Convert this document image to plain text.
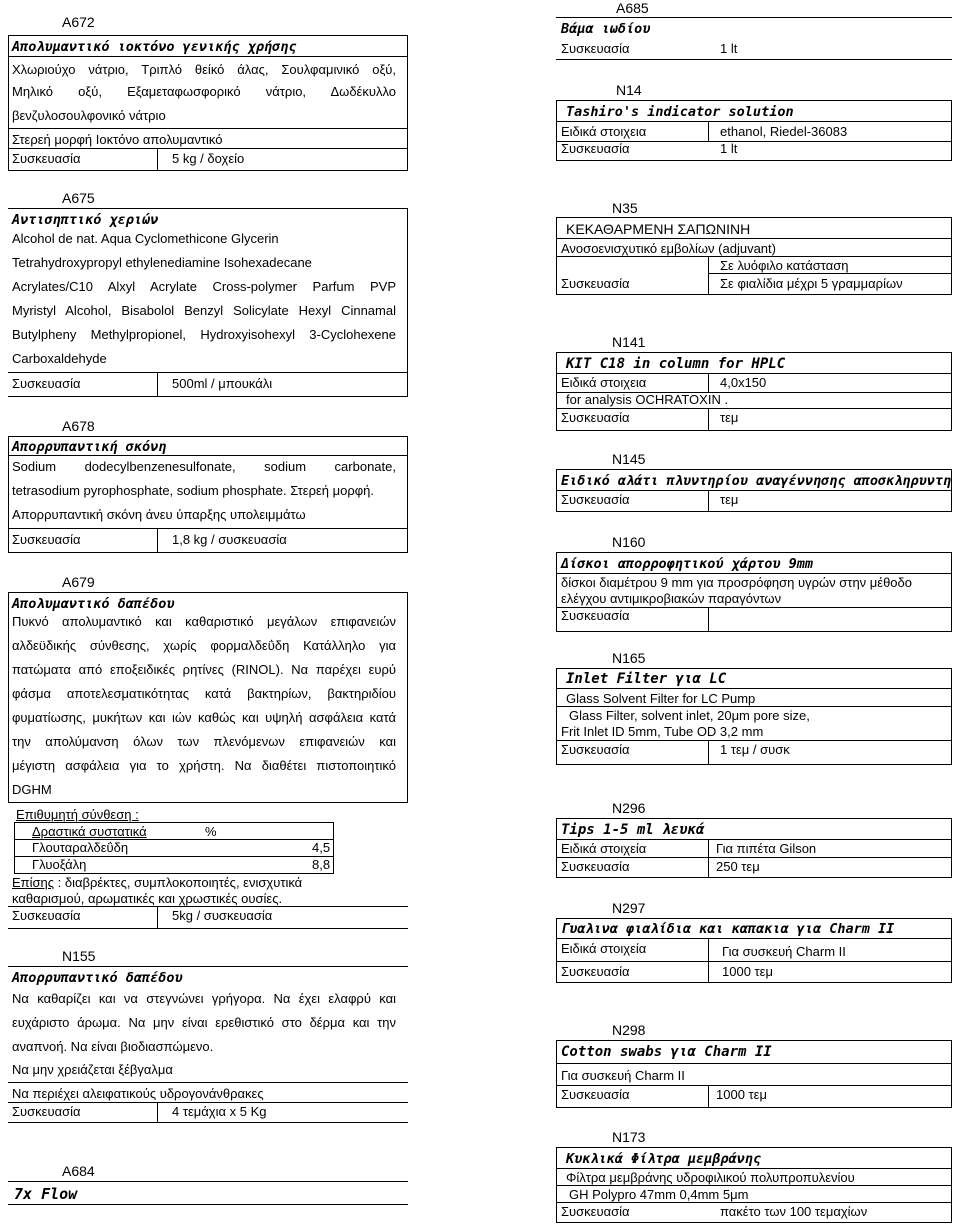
A672
Απολυμαντικό ιοκτόνο γενικής χρήσης
Χλωριούχο νάτριο, Τριπλό θείκό άλας, Σουλφαμινικό οξύ,
Μηλικό οξύ, Εξαμεταφωσφορικό νάτριο, Δωδέκυλλο
βενζυλοσουλφονικό νάτριο
Στερεή μορφή Ιοκτόνο απολυμαντικό
Συσκευασία	5 kg / δοχείο
A675
Αντισηπτικό χεριών
Alcohol de nat. Aqua Cyclomethicone Glycerin
Tetrahydroxypropyl ethylenediamine Isohexadecane
Acrylates/C10 Alxyl Acrylate Cross-polymer Parfum PVP
Myristyl Alcohol, Bisabolol Benzyl Solicylate Hexyl Cinnamal
Butylpheny Methylpropionel, Hydroxyisohexyl 3-Cyclohexene
Carboxaldehyde
Συσκευασία	500ml / μπουκάλι
A678
Απορρυπαντική σκόνη
Sodium dodecylbenzenesulfonate, sodium carbonate,
tetrasodium pyrophosphate, sodium phosphate. Στερεή μορφή.
Απορρυπαντική σκόνη άνευ ύπαρξης υπολειμμάτω
Συσκευασία	1,8 kg / συσκευασία
A679
Απολυμαντικό δαπέδου
Πυκνό απολυμαντικό και καθαριστικό μεγάλων επιφανειών
αλδεϋδικής σύνθεσης, χωρίς φορμαλδεΰδη Κατάλληλο για
πατώματα από εποξειδικές ρητίνες (RINOL). Να παρέχει ευρύ
φάσμα αποτελεσματικότητας κατά βακτηρίων, βακτηριδίου
φυματίωσης, μυκήτων και ιών καθώς και υψηλή ασφάλεια κατά
την απολύμανση όλων των πλενόμενων επιφανειών και
μέγιστη ασφάλεια για το χρήστη. Να διαθέτει πιστοποιητικό
DGHM
Επιθυμητή σύνθεση :
Δραστικά συστατικά	%
Γλουταραλδεΰδη	4,5
Γλυοξάλη	8,8
Επίσης : διαβρέκτες, συμπλοκοποιητές, ενισχυτικά
καθαρισμού, αρωματικές και χρωστικές ουσίες.
Συσκευασία	5kg / συσκευασία
N155
Απορρυπαντικό δαπέδου
Να καθαρίζει και να στεγνώνει γρήγορα. Να έχει ελαφρύ και
ευχάριστο άρωμα. Να μην είναι ερεθιστικό στο δέρμα και την
αναπνοή. Να είναι βιοδιασπώμενο.
Να μην χρειάζεται ξέβγαλμα
Να περιέχει αλειφατικούς υδρογονάνθρακες
Συσκευασία	4 τεμάχια x 5 Kg
A684
7x Flow
A685
Βάμα ιωδίου
Συσκευασία	1 lt
N14
Tashiro's indicator solution
Ειδικά στοιχεια	ethanol, Riedel-36083
Συσκευασία	1 lt
N35
ΚΕΚΑΘΑΡΜΕΝΗ ΣΑΠΩΝΙΝΗ
Ανοσοενισχυτικό εμβολίων (adjuvant)
Σε λυόφιλο κατάσταση
Συσκευασία	Σε φιαλίδια μέχρι 5 γραμμαρίων
N141
KIT C18 in column for HPLC
Ειδικά στοιχεια	4,0x150
for analysis OCHRATOXIN .
Συσκευασία	τεμ
N145
Ειδικό αλάτι πλυντηρίου αναγέννησης αποσκληρυντη
Συσκευασία	τεμ
N160
Δίσκοι απορροφητικού χάρτου 9mm
δίσκοι διαμέτρου 9 mm για προσρόφηση υγρών στην μέθοδο
ελέγχου αντιμικροβιακών παραγόντων
Συσκευασία
N165
Inlet Filter για LC
Glass Solvent Filter for LC Pump
Glass Filter, solvent inlet, 20μm pore size,
Frit Inlet ID 5mm, Tube OD 3,2 mm
Συσκευασία	1 τεμ / συσκ
N296
Tips 1-5 ml λευκά
Ειδικά στοιχεία	Για πιπέτα Gilson
Συσκευασία	250 τεμ
N297
Γυαλινα φιαλίδια και καπακια για Charm II
Ειδικά στοιχεία	Για συσκευή Charm II
Συσκευασία	1000 τεμ
N298
Cotton swabs για Charm II
Για συσκευή Charm II
Συσκευασία	1000 τεμ
N173
Κυκλικά Φίλτρα μεμβράνης
Φίλτρα μεμβράνης υδροφιλικού πολυπροπυλενίου
GH Polypro 47mm 0,4mm 5μm
Συσκευασία	πακέτο των 100 τεμαχίων
